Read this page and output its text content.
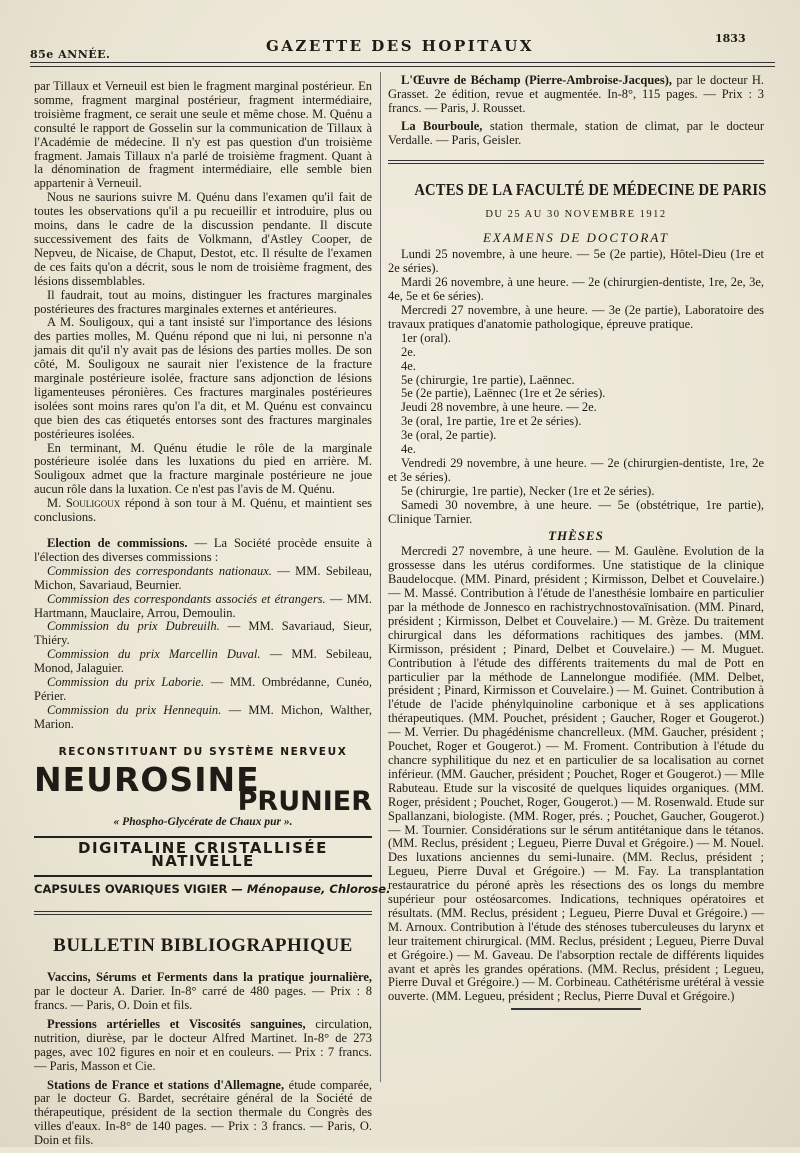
85e ANNÉE.	GAZETTE DES HOPITAUX	1833

par Tillaux et Verneuil est bien le fragment marginal postérieur. En somme, fragment marginal postérieur, fragment intermédiaire, troisième fragment, ce serait une seule et même chose. M. Quénu a consulté le rapport de Gosselin sur la communication de Tillaux à l'Académie de médecine. Il n'y est pas question d'un troisième fragment. Jamais Tillaux n'a parlé de troisième fragment. Quant à la dénomination de fragment intermédiaire, elle semble bien appartenir à Verneuil.

Nous ne saurions suivre M. Quénu dans l'examen qu'il fait de toutes les observations qu'il a pu recueillir et introduire, plus ou moins, dans le cadre de la discussion pendante. Il discute successivement des faits de Volkmann, d'Astley Cooper, de Nepveu, de Nicaise, de Chaput, Destot, etc. Il résulte de l'examen de ces faits qu'on a décrit, sous le nom de troisième fragment, des lésions dissemblables.

Il faudrait, tout au moins, distinguer les fractures marginales postérieures des fractures marginales externes et antérieures.

A M. Souligoux, qui a tant insisté sur l'importance des lésions des parties molles, M. Quénu répond que ni lui, ni personne n'a jamais dit qu'il n'y avait pas de lésions des parties molles. De son côté, M. Souligoux ne saurait nier l'existence de la fracture marginale postérieure isolée, fracture sans adjonction de lésions ligamenteuses péronières. Ces fractures marginales postérieures isolées sont moins rares qu'on l'a dit, et M. Quénu est convaincu que bien des cas étiquetés entorses sont des fractures marginales postérieures isolées.

En terminant, M. Quénu étudie le rôle de la marginale postérieure isolée dans les luxations du pied en arrière. M. Souligoux admet que la fracture marginale postérieure ne joue aucun rôle dans la luxation. Ce n'est pas l'avis de M. Quénu.

M. Souligoux répond à son tour à M. Quénu, et maintient ses conclusions.

Election de commissions. — La Société procède ensuite à l'élection des diverses commissions :

Commission des correspondants nationaux. — MM. Sebileau, Michon, Savariaud, Beurnier.

Commission des correspondants associés et étrangers. — MM. Hartmann, Mauclaire, Arrou, Demoulin.

Commission du prix Dubreuilh. — MM. Savariaud, Sieur, Thiéry.

Commission du prix Marcellin Duval. — MM. Sebileau, Monod, Jalaguier.

Commission du prix Laborie. — MM. Ombrédanne, Cunéo, Périer.

Commission du prix Hennequin. — MM. Michon, Walther, Marion.

RECONSTITUANT DU SYSTÈME NERVEUX
NEUROSINE
PRUNIER
« Phospho-Glycérate de Chaux pur ».
DIGITALINE CRISTALLISÉE NATIVELLE
CAPSULES OVARIQUES VIGIER — Ménopause, Chlorose.
BULLETIN BIBLIOGRAPHIQUE

Vaccins, Sérums et Ferments dans la pratique journalière, par le docteur A. Darier. In-8° carré de 480 pages. — Prix : 8 francs. — Paris, O. Doin et fils.

Pressions artérielles et Viscosités sanguines, circulation, nutrition, diurèse, par le docteur Alfred Martinet. In-8° de 273 pages, avec 102 figures en noir et en couleurs. — Prix : 7 francs. — Paris, Masson et Cie.

Stations de France et stations d'Allemagne, étude comparée, par le docteur G. Bardet, secrétaire général de la Société de thérapeutique, président de la section thermale du Congrès des villes d'eaux. In-8° de 140 pages. — Prix : 3 francs. — Paris, O. Doin et fils.

L'Œuvre de Béchamp (Pierre-Ambroise-Jacques), par le docteur H. Grasset. 2e édition, revue et augmentée. In-8°, 115 pages. — Prix : 3 francs. — Paris, J. Rousset.

La Bourboule, station thermale, station de climat, par le docteur Verdalle. — Paris, Geisler.

ACTES DE LA FACULTÉ DE MÉDECINE DE PARIS
DU 25 AU 30 NOVEMBRE 1912
EXAMENS DE DOCTORAT

Lundi 25 novembre, à une heure. — 5e (2e partie), Hôtel-Dieu (1re et 2e séries).

Mardi 26 novembre, à une heure. — 2e (chirurgien-dentiste, 1re, 2e, 3e, 4e, 5e et 6e séries).

Mercredi 27 novembre, à une heure. — 3e (2e partie), Laboratoire des travaux pratiques d'anatomie pathologique, épreuve pratique.

1er (oral).

2e.

4e.

5e (chirurgie, 1re partie), Laënnec.

5e (2e partie), Laënnec (1re et 2e séries).

Jeudi 28 novembre, à une heure. — 2e.

3e (oral, 1re partie, 1re et 2e séries).

3e (oral, 2e partie).

4e.

Vendredi 29 novembre, à une heure. — 2e (chirurgien-dentiste, 1re, 2e et 3e séries).

5e (chirurgie, 1re partie), Necker (1re et 2e séries).

Samedi 30 novembre, à une heure. — 5e (obstétrique, 1re partie), Clinique Tarnier.

THÈSES

Mercredi 27 novembre, à une heure. — M. Gaulène. Evolution de la grossesse dans les utérus cordiformes. Une statistique de la clinique Baudelocque. (MM. Pinard, président ; Kirmisson, Delbet et Couvelaire.) — M. Massé. Contribution à l'étude de l'anesthésie lombaire en particulier par la méthode de Jonnesco en rachistrychnostovaïnisation. (MM. Pinard, président ; Kirmisson, Delbet et Couvelaire.) — M. Grèze. Du traitement chirurgical dans les déformations rachitiques des jambes. (MM. Kirmisson, président ; Pinard, Delbet et Couvelaire.) — M. Muguet. Contribution à l'étude des différents traitements du mal de Pott en particulier par la méthode de Lannelongue modifiée. (MM. Delbet, président ; Pinard, Kirmisson et Couvelaire.) — M. Guinet. Contribution à l'étude de l'acide phénylquinoline carbonique et à ses applications thérapeutiques. (MM. Pouchet, président ; Gaucher, Roger et Gougerot.) — M. Verrier. Du phagédénisme chancrelleux. (MM. Gaucher, président ; Pouchet, Roger et Gougerot.) — M. Froment. Contribution à l'étude du chancre syphilitique du nez et en particulier de sa localisation au cornet inférieur. (MM. Gaucher, président ; Pouchet, Roger et Gougerot.) — Mlle Rabuteau. Etude sur la viscosité de quelques liquides organiques. (MM. Roger, président ; Pouchet, Roger, Gougerot.) — M. Rosenwald. Etude sur Spallanzani, biologiste. (MM. Roger, prés. ; Pouchet, Gaucher, Gougerot.) — M. Tournier. Considérations sur le sérum antitétanique dans le tétanos. (MM. Reclus, président ; Legueu, Pierre Duval et Grégoire.) — M. Nouel. Des luxations anciennes du semi-lunaire. (MM. Reclus, président ; Legueu, Pierre Duval et Grégoire.) — M. Fay. La transplantation restauratrice du péroné après les résections des os longs du membre supérieur pour ostéosarcomes. Indications, techniques opératoires et résultats. (MM. Reclus, président ; Legueu, Pierre Duval et Grégoire.) — M. Arnoux. Contribution à l'étude des sténoses tuberculeuses du larynx et leur traitement chirurgical. (MM. Reclus, président ; Legueu, Pierre Duval et Grégoire.) — M. Gaveau. De l'absorption rectale de différents liquides avant et après les grandes opérations. (MM. Reclus, président ; Legueu, Pierre Duval et Grégoire.) — M. Corbineau. Cathétérisme urétéral à vessie ouverte. (MM. Legueu, président ; Reclus, Pierre Duval et Grégoire.)
